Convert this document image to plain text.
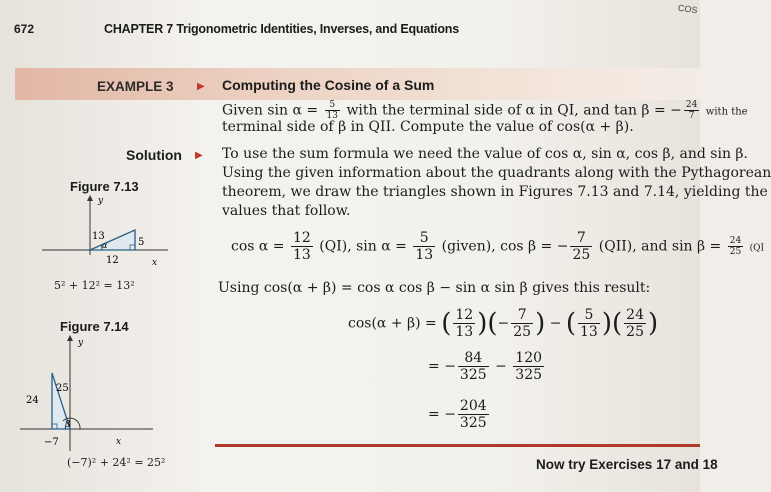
672	CHAPTER 7 Trigonometric Identities, Inverses, and Equations
COS
EXAMPLE 3 ▶ Computing the Cosine of a Sum
Given $\sin \alpha = \frac{5}{13}$ with the terminal side of α in QI, and tan β = − $\frac{24}{7}$ with the
terminal side of β in QII. Compute the value of cos(α + β).
Solution ▶ To use the sum formula we need the value of cos α, sin α, cos β, and sin β.
Using the given information about the quadrants along with the Pythagorean
theorem, we draw the triangles shown in Figures 7.13 and 7.14, yielding the
values that follow.
Figure 7.13
y
x
13
5
12
α
5² + 12² = 13²
Figure 7.14
y
x
25
24
−7
β
(−7)² + 24² = 25²
$\cos \alpha = \frac{12}{13} (QI)$, $\sin \alpha = \frac{5}{13}$ (given), cos β = − $\frac{7}{25} (QII)$, and $\sin \beta = \frac{24}{25} (QI$
Using cos(α + β) = cos α cos β − sin α sin β gives this result:
cos(α + β) = ( $\frac{12}{13}$ )(− $\frac{7}{25}$ ) − ( $\frac{5}{13}$ )( $\frac{24}{25}$ )
= − $\frac{84}{325} - \frac{120}{325}$
= − $\frac{204}{325}$
Now try Exercises 17 and 18
